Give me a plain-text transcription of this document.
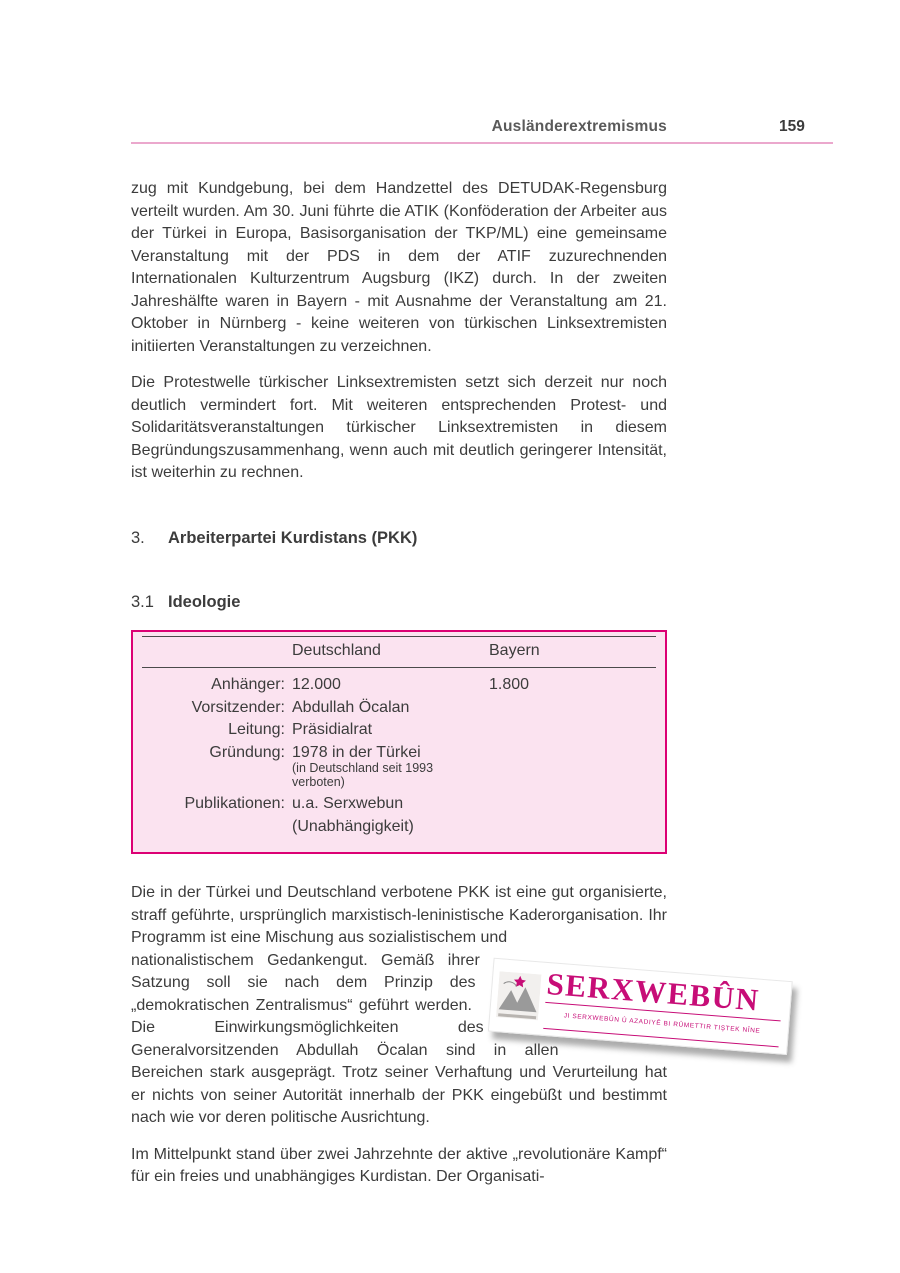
Ausländerextremismus	159
zug mit Kundgebung, bei dem Handzettel des DETUDAK-Regensburg verteilt wurden. Am 30. Juni führte die ATIK (Konföderation der Arbeiter aus der Türkei in Europa, Basisorganisation der TKP/ML) eine gemeinsame Veranstaltung mit der PDS in dem der ATIF zuzurechnenden Internationalen Kulturzentrum Augsburg (IKZ) durch. In der zweiten Jahreshälfte waren in Bayern - mit Ausnahme der Veranstaltung am 21. Oktober in Nürnberg - keine weiteren von türkischen Linksextremisten initiierten Veranstaltungen zu verzeichnen.
Die Protestwelle türkischer Linksextremisten setzt sich derzeit nur noch deutlich vermindert fort. Mit weiteren entsprechenden Protest- und Solidaritätsveranstaltungen türkischer Linksextremisten in diesem Begründungszusammenhang, wenn auch mit deutlich geringerer Intensität, ist weiterhin zu rechnen.
3.	Arbeiterpartei Kurdistans (PKK)
3.1 Ideologie
Deutschland	Bayern
Anhänger: 12.000	1.800
Vorsitzender: Abdullah Öcalan
Leitung: Präsidialrat
Gründung: 1978 in der Türkei
(in Deutschland seit 1993 verboten)
Publikationen: u.a. Serxwebun (Unabhängigkeit)
Die in der Türkei und Deutschland verbotene PKK ist eine gut organisierte, straff geführte, ursprünglich marxistisch-leninistische Kaderorganisation. Ihr Programm ist eine Mischung aus sozialistischem und
SERXWEBÛN
JI SERXWEBÛN Û AZADIYÊ BI RÛMETTIR TIŞTEK NÎNE
nationalistischem Gedankengut. Gemäß ihrer Satzung soll sie nach dem Prinzip des „demokratischen Zentralismus“ geführt werden. Die Einwirkungsmöglichkeiten des Generalvorsitzenden Abdullah Öcalan sind in allen Bereichen stark ausgeprägt. Trotz seiner Verhaftung und Verurteilung hat er nichts von seiner Autorität innerhalb der PKK eingebüßt und bestimmt nach wie vor deren politische Ausrichtung.
Im Mittelpunkt stand über zwei Jahrzehnte der aktive „revolutionäre Kampf“ für ein freies und unabhängiges Kurdistan. Der Organisati-
